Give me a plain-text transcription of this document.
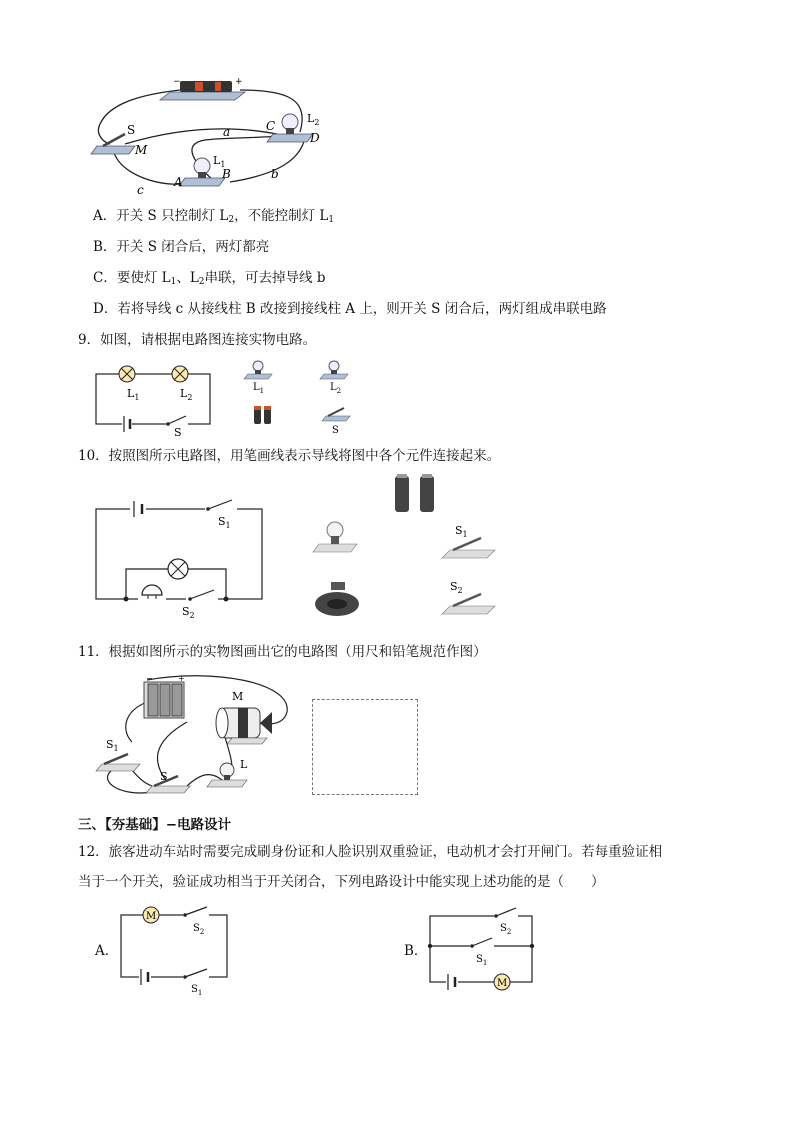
−	+
S
M
$L_2$
C
D
a
$L_1$
A
B	b
c
A．开关 S 只控制灯 $L_2$，不能控制灯 $L_1$
B．开关 S 闭合后，两灯都亮
C．要使灯 $L_1$、$L_2$串联，可去掉导线 b
D．若将导线 c 从接线柱 B 改接到接线柱 A 上，则开关 S 闭合后，两灯组成串联电路
9．如图，请根据电路图连接实物电路。
$L_1$	$L_2$
S
$L_1$	$L_2$
S
10．按照图所示电路图，用笔画线表示导线将图中各个元件连接起来。
$S_1$
$S_2$
$S_1$
$S_2$
11．根据如图所示的实物图画出它的电路图（用尺和铅笔规范作图）
−	+
M
$S_1$
S
L
三、【夯基础】−电路设计
12．旅客进动车站时需要完成刷身份证和人脸识别双重验证，电动机才会打开闸门。若每重验证相
当于一个开关，验证成功相当于开关闭合，下列电路设计中能实现上述功能的是（　　）
A．
M
$S_2$
$S_1$
B．
$S_2$
$S_1$
M
